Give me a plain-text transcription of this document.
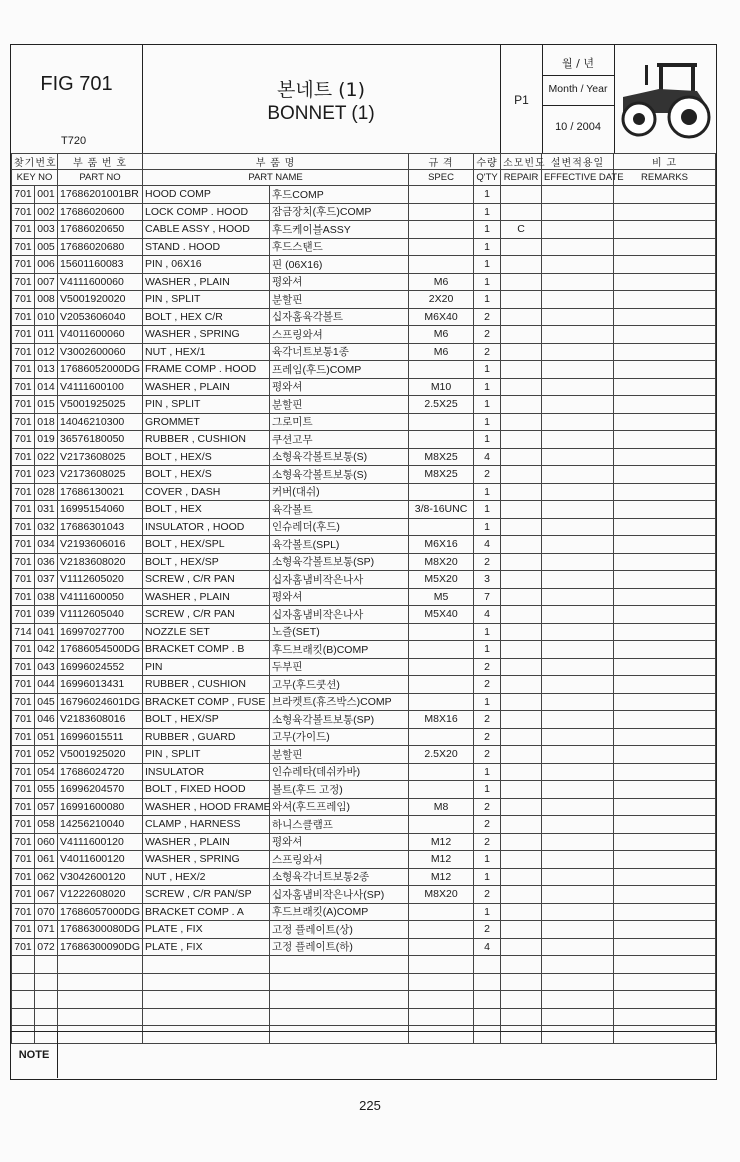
FIG 701
T720
본네트 (1)
BONNET (1)
P1
월 / 년
Month / Year
10 / 2004
찾기번호		부 품 번 호	부 품 명		규 격	수량	소모빈도	설변적용일	비 고
KEY NO		PART NO	PART NAME		SPEC	Q'TY	REPAIR	EFFECTIVE DATE	REMARKS
701	001	17686201001BR	HOOD COMP	후드COMP		1			
701	002	17686020600	LOCK COMP . HOOD	잠금장치(후드)COMP		1			
701	003	17686020650	CABLE ASSY , HOOD	후드케이블ASSY		1	C		
701	005	17686020680	STAND . HOOD	후드스탠드		1			
701	006	15601160083	PIN , 06X16	핀 (06X16)		1			
701	007	V4111600060	WASHER , PLAIN	평와셔	M6	1			
701	008	V5001920020	PIN , SPLIT	분할핀	2X20	1			
701	010	V2053606040	BOLT , HEX C/R	십자홈육각볼트	M6X40	2			
701	011	V4011600060	WASHER , SPRING	스프링와셔	M6	2			
701	012	V3002600060	NUT , HEX/1	육각너트보통1종	M6	2			
701	013	17686052000DG	FRAME COMP . HOOD	프레임(후드)COMP		1			
701	014	V4111600100	WASHER , PLAIN	평와셔	M10	1			
701	015	V5001925025	PIN , SPLIT	분할핀	2.5X25	1			
701	018	14046210300	GROMMET	그로미트		1			
701	019	36576180050	RUBBER , CUSHION	쿠션고무		1			
701	022	V2173608025	BOLT , HEX/S	소형육각볼트보통(S)	M8X25	4			
701	023	V2173608025	BOLT , HEX/S	소형육각볼트보통(S)	M8X25	2			
701	028	17686130021	COVER , DASH	커버(대쉬)		1			
701	031	16995154060	BOLT , HEX	육각볼트	3/8-16UNC	1			
701	032	17686301043	INSULATOR , HOOD	인슈레더(후드)		1			
701	034	V2193606016	BOLT , HEX/SPL	육각볼트(SPL)	M6X16	4			
701	036	V2183608020	BOLT , HEX/SP	소형육각볼트보통(SP)	M8X20	2			
701	037	V1112605020	SCREW , C/R PAN	십자홈냄비작은나사	M5X20	3			
701	038	V4111600050	WASHER , PLAIN	평와셔	M5	7			
701	039	V1112605040	SCREW , C/R PAN	십자홈냄비작은나사	M5X40	4			
714	041	16997027700	NOZZLE SET	노즐(SET)		1			
701	042	17686054500DG	BRACKET COMP . B	후드브래킷(B)COMP		1			
701	043	16996024552	PIN	두부핀		2			
701	044	16996013431	RUBBER , CUSHION	고무(후드쿳션)		2			
701	045	16796024601DG	BRACKET COMP , FUSE	브라켓트(휴즈박스)COMP		1			
701	046	V2183608016	BOLT , HEX/SP	소형육각볼트보통(SP)	M8X16	2			
701	051	16996015511	RUBBER , GUARD	고무(가이드)		2			
701	052	V5001925020	PIN , SPLIT	분할핀	2.5X20	2			
701	054	17686024720	INSULATOR	인슈레타(데쉬카바)		1			
701	055	16996204570	BOLT , FIXED HOOD	볼트(후드 고정)		1			
701	057	16991600080	WASHER , HOOD FRAME	와셔(후드프레임)	M8	2			
701	058	14256210040	CLAMP , HARNESS	하니스클램프		2			
701	060	V4111600120	WASHER , PLAIN	평와셔	M12	2			
701	061	V4011600120	WASHER , SPRING	스프링와셔	M12	1			
701	062	V3042600120	NUT , HEX/2	소형육각너트보통2종	M12	1			
701	067	V1222608020	SCREW , C/R PAN/SP	십자홈냄비작은나사(SP)	M8X20	2			
701	070	17686057000DG	BRACKET COMP . A	후드브래킷(A)COMP		1			
701	071	17686300080DG	PLATE , FIX	고정 플레이트(상)		2			
701	072	17686300090DG	PLATE , FIX	고정 플레이트(하)		4			

NOTE
225
